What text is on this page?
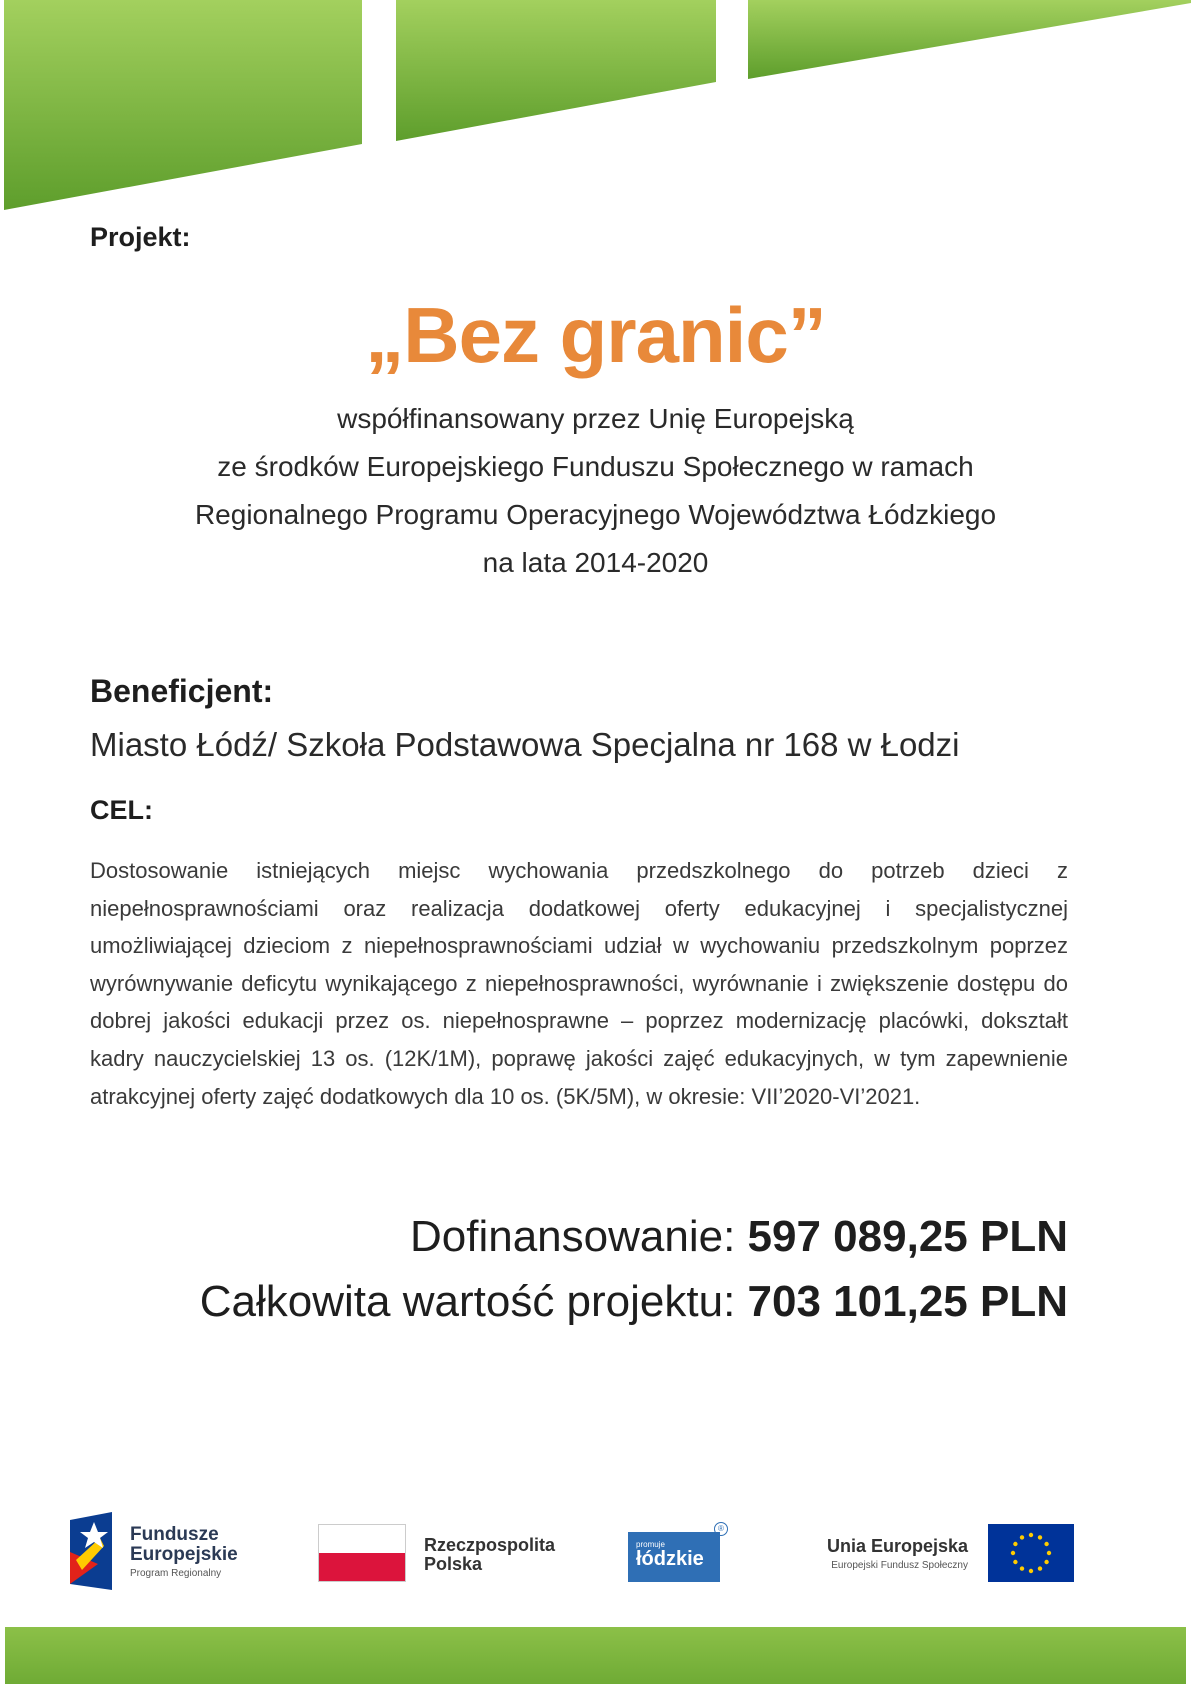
Projekt:
„Bez granic”
współfinansowany przez Unię Europejską
ze środków Europejskiego Funduszu Społecznego w ramach
Regionalnego Programu Operacyjnego Województwa Łódzkiego
na lata 2014-2020
Beneficjent:
Miasto Łódź/ Szkoła Podstawowa Specjalna nr 168 w Łodzi
CEL:
Dostosowanie istniejących miejsc wychowania przedszkolnego do potrzeb dzieci z niepełnosprawnościami oraz realizacja dodatkowej oferty edukacyjnej i specjalistycznej umożliwiającej dzieciom z niepełnosprawnościami udział w wychowaniu przedszkolnym poprzez wyrównywanie deficytu wynikającego z niepełnosprawności, wyrównanie i zwiększenie dostępu do dobrej jakości edukacji przez os. niepełnosprawne – poprzez modernizację placówki, dokształt kadry nauczycielskiej 13 os. (12K/1M), poprawę jakości zajęć edukacyjnych, w tym zapewnienie atrakcyjnej oferty zajęć dodatkowych dla 10 os. (5K/5M), w okresie: VII’2020-VI’2021.
Dofinansowanie: 597 089,25 PLN
Całkowita wartość projektu: 703 101,25 PLN
Fundusze
Europejskie
Program Regionalny
Rzeczpospolita
Polska
promuje
łódzkie
®
Unia Europejska
Europejski Fundusz Społeczny
